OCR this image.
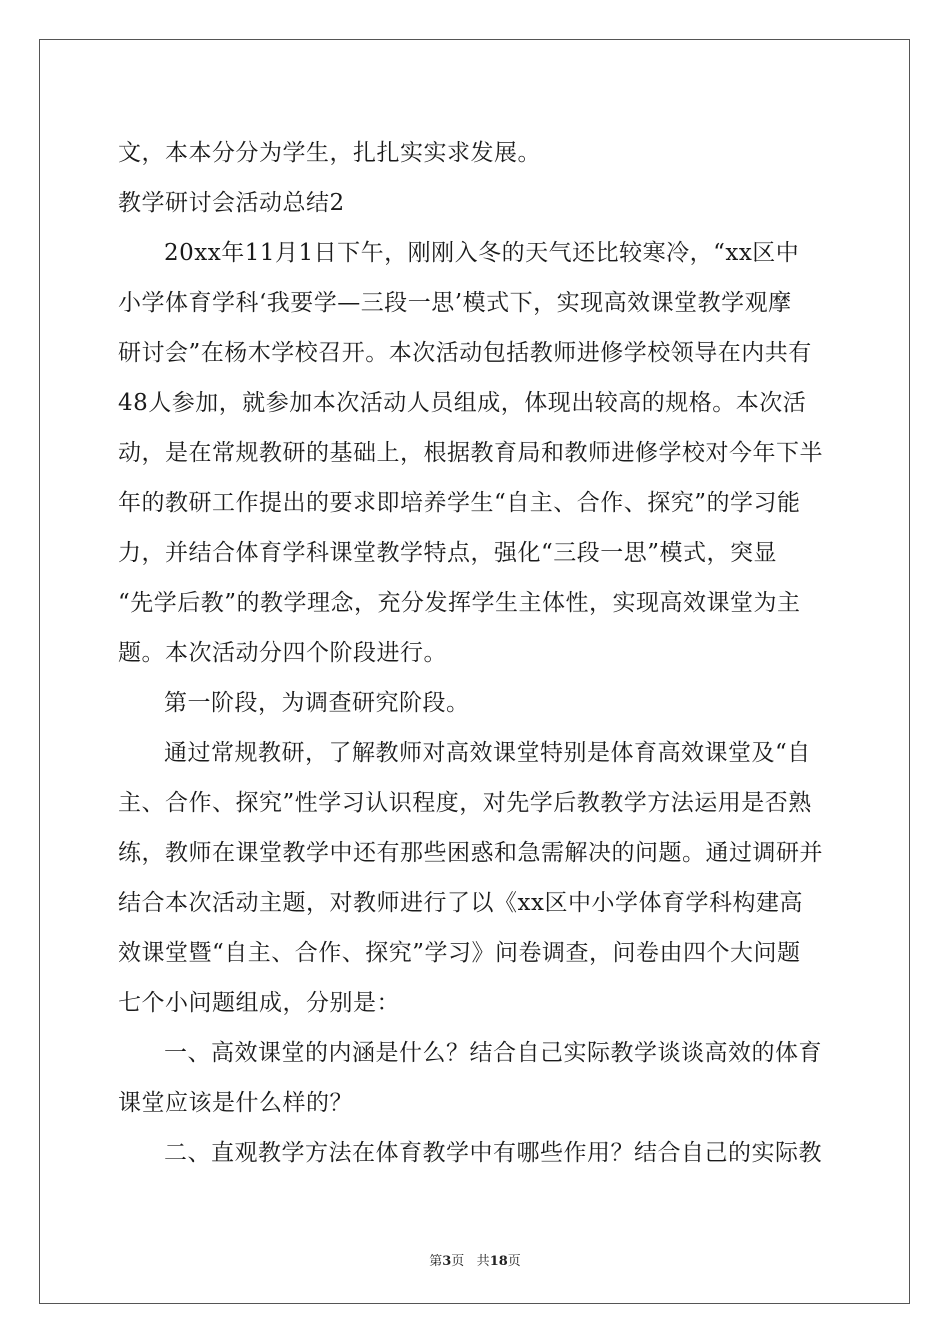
文，本本分分为学生，扎扎实实求发展。

教学研讨会活动总结2

20xx年11月1日下午，刚刚入冬的天气还比较寒冷，“xx区中

小学体育学科‘我要学—三段一思’模式下，实现高效课堂教学观摩

研讨会”在杨木学校召开。本次活动包括教师进修学校领导在内共有

48人参加，就参加本次活动人员组成，体现出较高的规格。本次活

动，是在常规教研的基础上，根据教育局和教师进修学校对今年下半

年的教研工作提出的要求即培养学生“自主、合作、探究”的学习能

力，并结合体育学科课堂教学特点，强化“三段一思”模式，突显

“先学后教”的教学理念，充分发挥学生主体性，实现高效课堂为主

题。本次活动分四个阶段进行。

第一阶段，为调查研究阶段。

通过常规教研，了解教师对高效课堂特别是体育高效课堂及“自

主、合作、探究”性学习认识程度，对先学后教教学方法运用是否熟

练，教师在课堂教学中还有那些困惑和急需解决的问题。通过调研并

结合本次活动主题，对教师进行了以《xx区中小学体育学科构建高

效课堂暨“自主、合作、探究”学习》问卷调查，问卷由四个大问题

七个小问题组成，分别是：

一、高效课堂的内涵是什么？结合自己实际教学谈谈高效的体育

课堂应该是什么样的？

二、直观教学方法在体育教学中有哪些作用？结合自己的实际教

第3页 共18页
